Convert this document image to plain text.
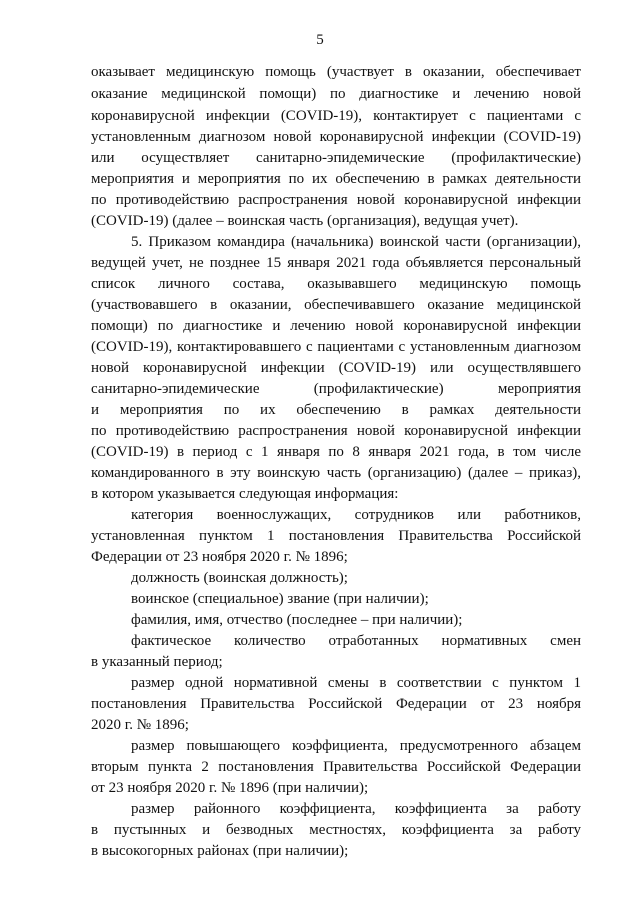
5
оказывает медицинскую помощь (участвует в оказании, обеспечивает
оказание медицинской помощи) по диагностике и лечению новой
коронавирусной инфекции (COVID-19), контактирует с пациентами с
установленным диагнозом новой коронавирусной инфекции (COVID-19)
или осуществляет санитарно-эпидемические (профилактические)
мероприятия и мероприятия по их обеспечению в рамках деятельности
по противодействию распространения новой коронавирусной инфекции
(COVID-19) (далее – воинская часть (организация), ведущая учет).
5. Приказом командира (начальника) воинской части (организации),
ведущей учет, не позднее 15 января 2021 года объявляется персональный
список личного состава, оказывавшего медицинскую помощь
(участвовавшего в оказании, обеспечивавшего оказание медицинской
помощи) по диагностике и лечению новой коронавирусной инфекции
(COVID-19), контактировавшего с пациентами с установленным диагнозом
новой коронавирусной инфекции (COVID-19) или осуществлявшего
санитарно-эпидемические (профилактические) мероприятия
и мероприятия по их обеспечению в рамках деятельности
по противодействию распространения новой коронавирусной инфекции
(COVID-19) в период с 1 января по 8 января 2021 года, в том числе
командированного в эту воинскую часть (организацию) (далее – приказ),
в котором указывается следующая информация:
категория военнослужащих, сотрудников или работников,
установленная пунктом 1 постановления Правительства Российской
Федерации от 23 ноября 2020 г. № 1896;
должность (воинская должность);
воинское (специальное) звание (при наличии);
фамилия, имя, отчество (последнее – при наличии);
фактическое количество отработанных нормативных смен
в указанный период;
размер одной нормативной смены в соответствии с пунктом 1
постановления Правительства Российской Федерации от 23 ноября
2020 г. № 1896;
размер повышающего коэффициента, предусмотренного абзацем
вторым пункта 2 постановления Правительства Российской Федерации
от 23 ноября 2020 г. № 1896 (при наличии);
размер районного коэффициента, коэффициента за работу
в пустынных и безводных местностях, коэффициента за работу
в высокогорных районах (при наличии);
